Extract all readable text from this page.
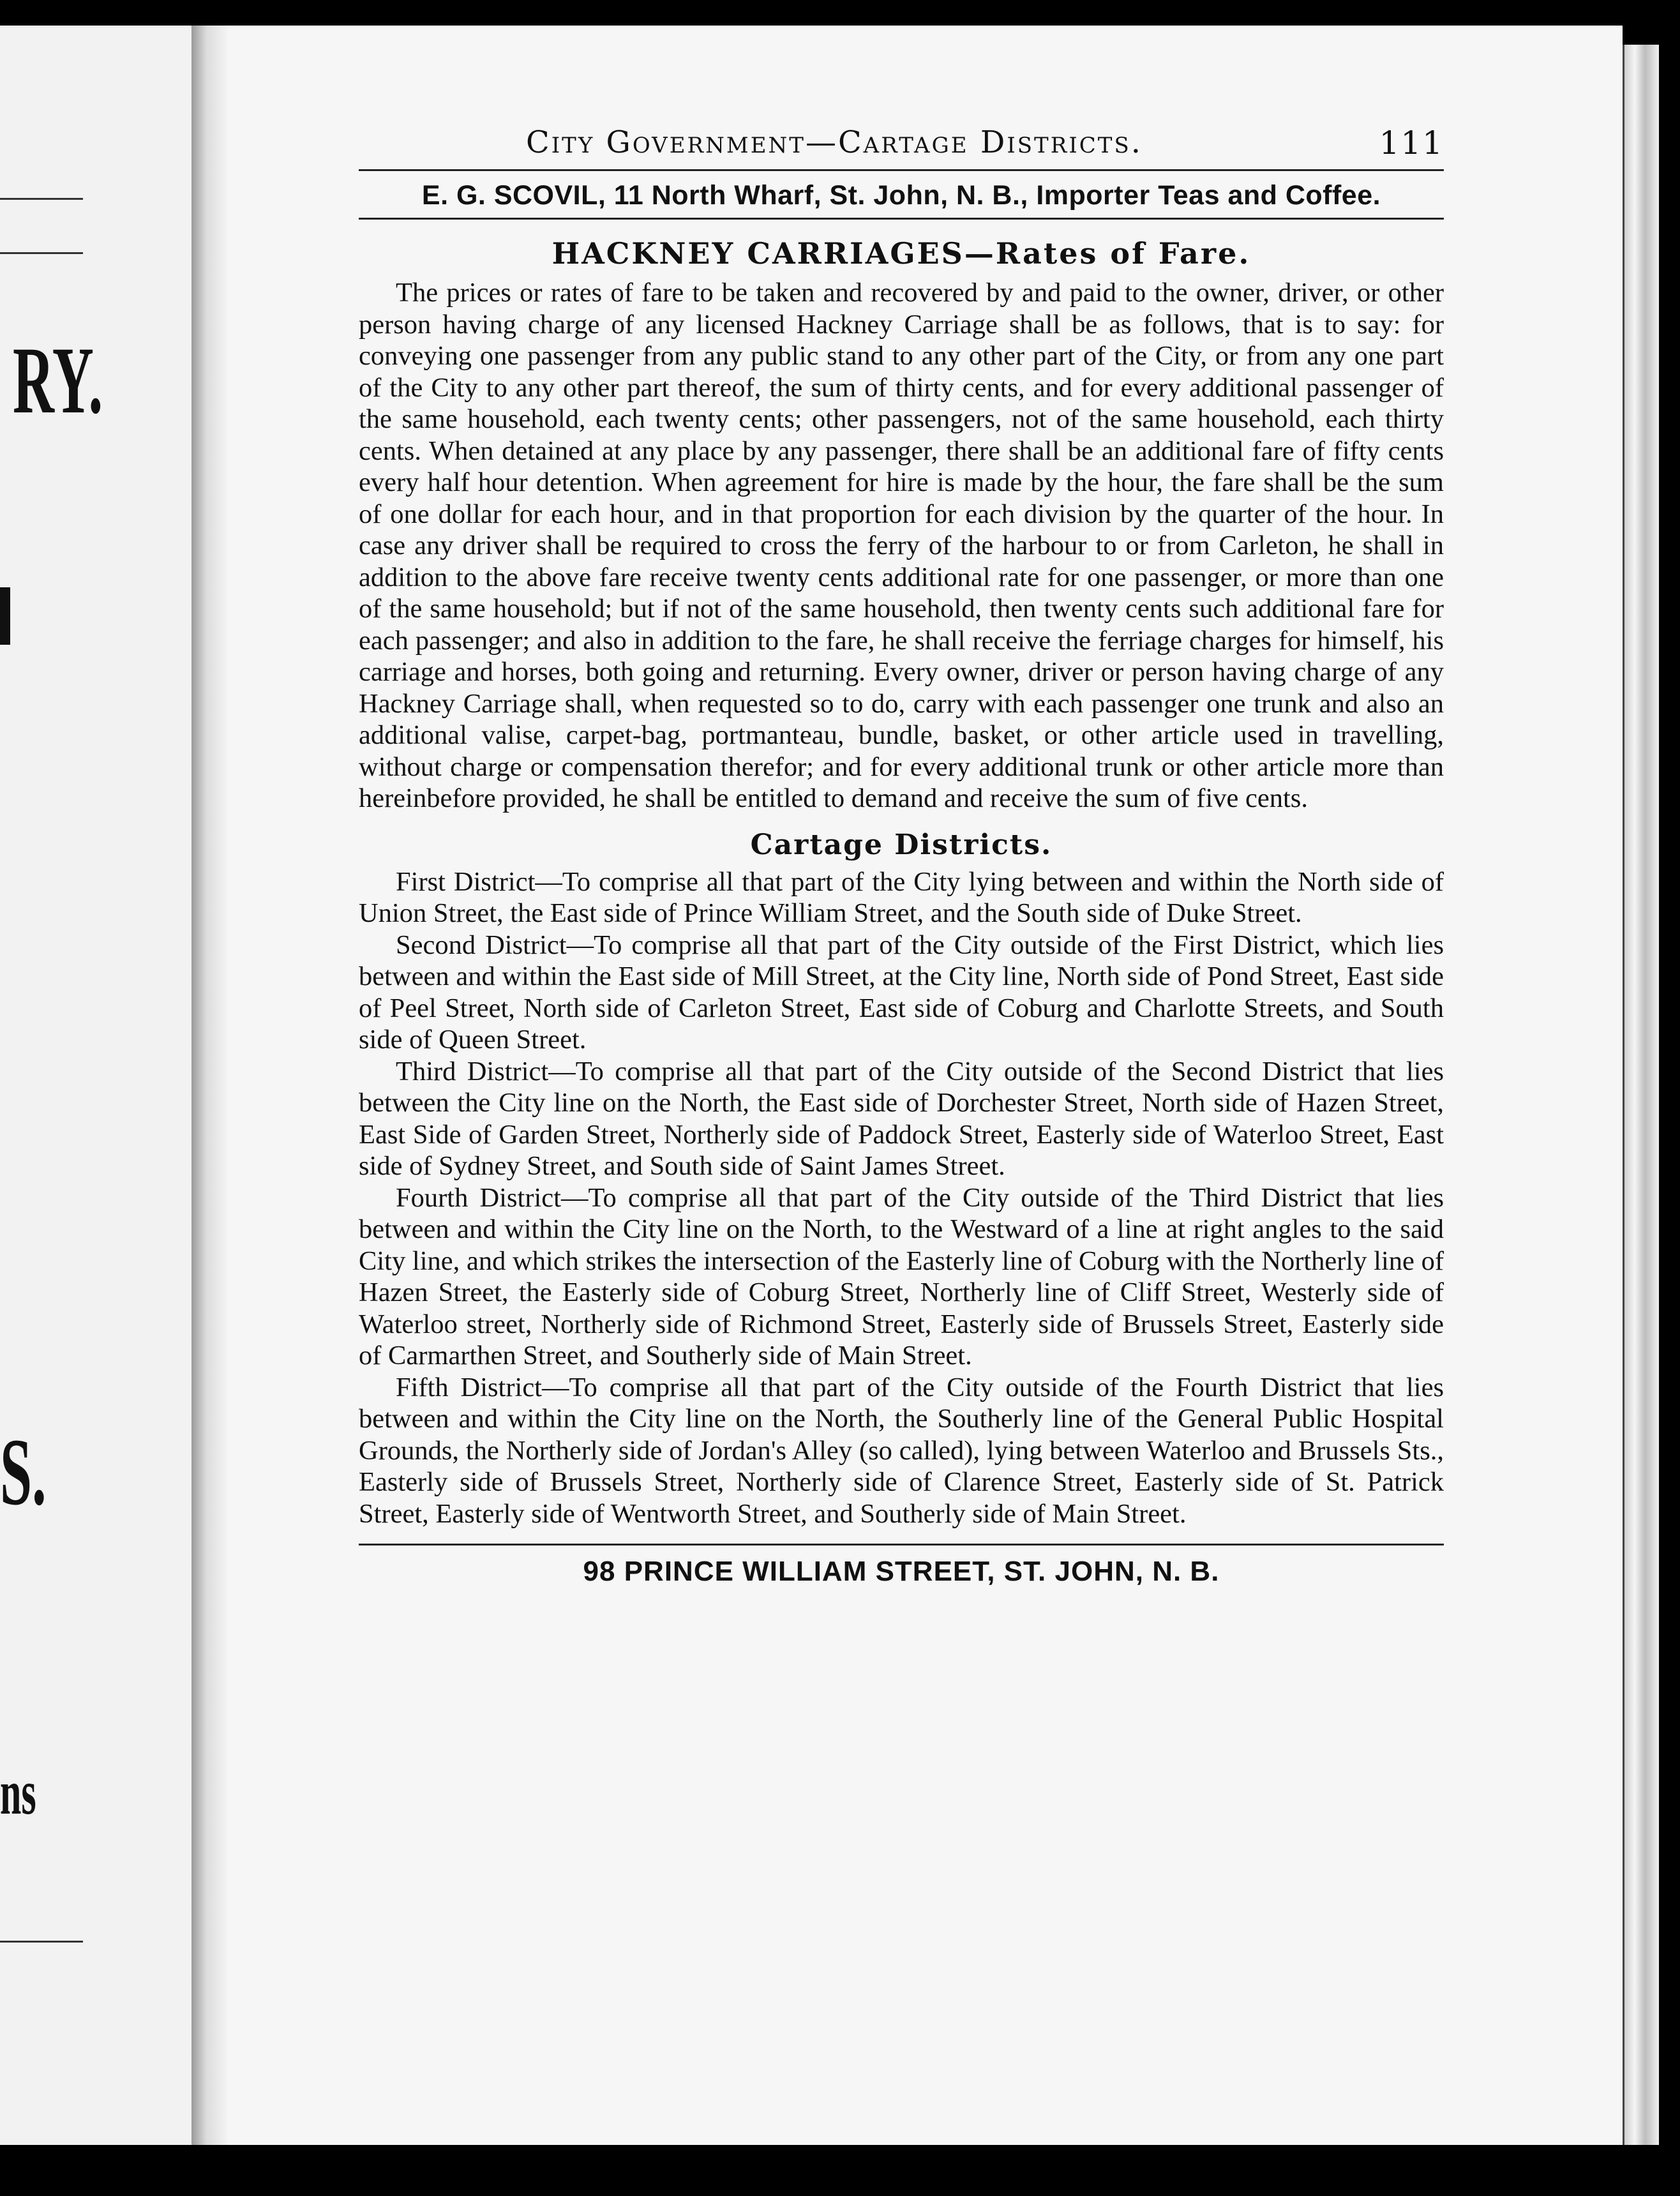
RY.
S.
ns
City Government—Cartage Districts.	111
E. G. SCOVIL, 11 North Wharf, St. John, N. B., Importer Teas and Coffee.
HACKNEY CARRIAGES—Rates of Fare.

The prices or rates of fare to be taken and recovered by and paid to the owner, driver, or other person having charge of any licensed Hackney Carriage shall be as follows, that is to say: for conveying one passenger from any public stand to any other part of the City, or from any one part of the City to any other part thereof, the sum of thirty cents, and for every additional passenger of the same household, each twenty cents; other passengers, not of the same household, each thirty cents. When detained at any place by any passenger, there shall be an additional fare of fifty cents every half hour detention. When agreement for hire is made by the hour, the fare shall be the sum of one dollar for each hour, and in that proportion for each division by the quarter of the hour. In case any driver shall be required to cross the ferry of the harbour to or from Carleton, he shall in addition to the above fare receive twenty cents additional rate for one passenger, or more than one of the same household; but if not of the same household, then twenty cents such additional fare for each passenger; and also in addition to the fare, he shall receive the ferriage charges for himself, his carriage and horses, both going and returning. Every owner, driver or person having charge of any Hackney Carriage shall, when requested so to do, carry with each passenger one trunk and also an additional valise, carpet-bag, portmanteau, bundle, basket, or other article used in travelling, without charge or compensation therefor; and for every additional trunk or other article more than hereinbefore provided, he shall be entitled to demand and receive the sum of five cents.

Cartage Districts.

First District—To comprise all that part of the City lying between and within the North side of Union Street, the East side of Prince William Street, and the South side of Duke Street.

Second District—To comprise all that part of the City outside of the First District, which lies between and within the East side of Mill Street, at the City line, North side of Pond Street, East side of Peel Street, North side of Carleton Street, East side of Coburg and Charlotte Streets, and South side of Queen Street.

Third District—To comprise all that part of the City outside of the Second District that lies between the City line on the North, the East side of Dorchester Street, North side of Hazen Street, East Side of Garden Street, Northerly side of Paddock Street, Easterly side of Waterloo Street, East side of Sydney Street, and South side of Saint James Street.

Fourth District—To comprise all that part of the City outside of the Third District that lies between and within the City line on the North, to the Westward of a line at right angles to the said City line, and which strikes the intersection of the Easterly line of Coburg with the Northerly line of Hazen Street, the Easterly side of Coburg Street, Northerly line of Cliff Street, Westerly side of Waterloo street, Northerly side of Richmond Street, Easterly side of Brussels Street, Easterly side of Carmarthen Street, and Southerly side of Main Street.

Fifth District—To comprise all that part of the City outside of the Fourth District that lies between and within the City line on the North, the Southerly line of the General Public Hospital Grounds, the Northerly side of Jordan's Alley (so called), lying between Waterloo and Brussels Sts., Easterly side of Brussels Street, Northerly side of Clarence Street, Easterly side of St. Patrick Street, Easterly side of Wentworth Street, and Southerly side of Main Street.

98 PRINCE WILLIAM STREET, ST. JOHN, N. B.
